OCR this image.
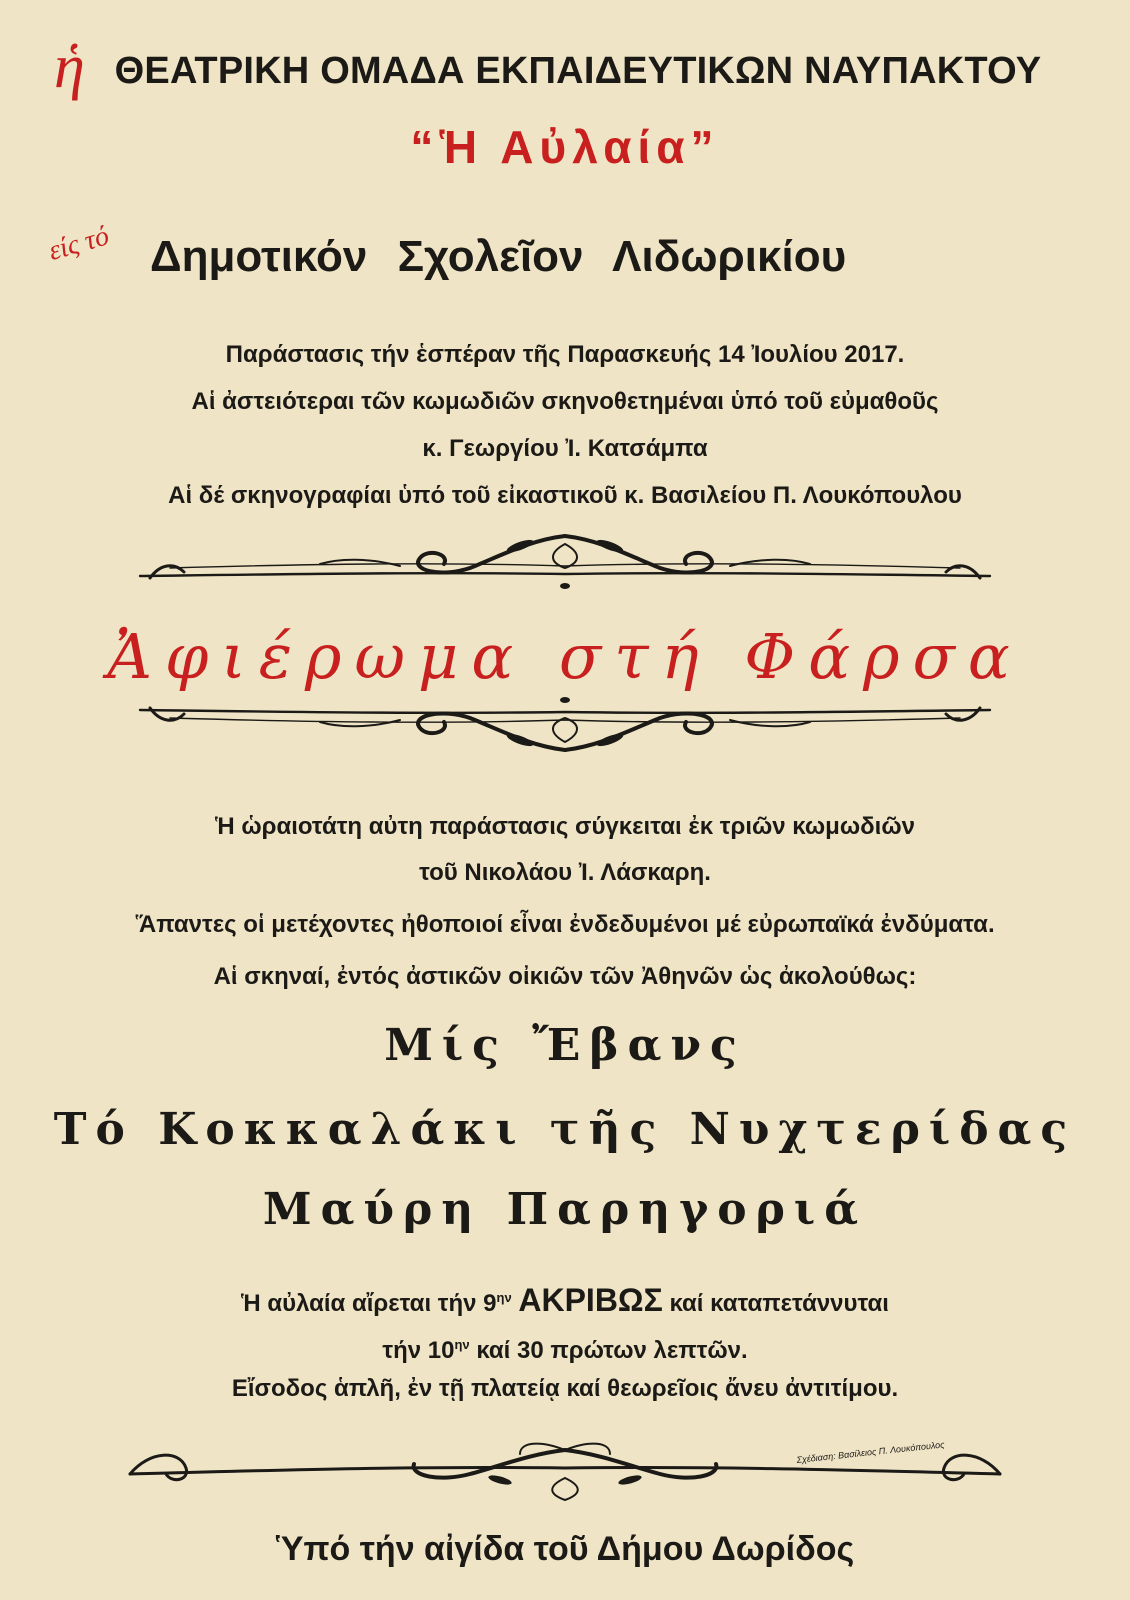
ἡ ΘΕΑΤΡΙΚΗ ΟΜΑΔΑ ΕΚΠΑΙΔΕΥΤΙΚΩΝ ΝΑΥΠΑΚΤΟΥ
“Ἡ Αὐλαία”
είς τό Δημοτικόν Σχολεῖον Λιδωρικίου
Παράστασις τήν ἑσπέραν τῆς Παρασκευής 14 Ἰουλίου 2017.
Αἱ ἀστειότεραι τῶν κωμωδιῶν σκηνοθετημέναι ὑπό τοῦ εὐμαθοῦς
κ. Γεωργίου Ἰ. Κατσάμπα
Αἱ δέ σκηνογραφίαι ὑπό τοῦ εἰκαστικοῦ κ. Βασιλείου Π. Λουκόπουλου
Ἀφιέρωμα στή Φάρσα
Ἡ ὡραιοτάτη αὐτη παράστασις σύγκειται ἐκ τριῶν κωμωδιῶν
τοῦ Νικολάου Ἰ. Λάσκαρη.
Ἅπαντες οἱ μετέχοντες ἠθοποιοί εἶναι ἐνδεδυμένοι μέ εὐρωπαϊκά ἐνδύματα.
Αἱ σκηναί, ἐντός ἀστικῶν οἰκιῶν τῶν Ἀθηνῶν ὡς ἀκολούθως:
Μίς Ἔβανς
Τό Κοκκαλάκι τῆς Νυχτερίδας
Μαύρη Παρηγοριά
Ἡ αὐλαία αἴρεται τήν $9^{\eta\nu}$ ΑΚΡΙΒΩΣ καί καταπετάννυται
τήν $10^{\eta\nu}$ καί 30 πρώτων λεπτῶν.
Εἴσοδος ἁπλῆ, ἐν τῇ πλατείᾳ καί θεωρεῖοις ἄνευ ἀντιτίμου.
Σχέδιαση: Βασίλειος Π. Λουκόπουλος
Ὑπό τήν αἰγίδα τοῦ Δήμου Δωρίδος
